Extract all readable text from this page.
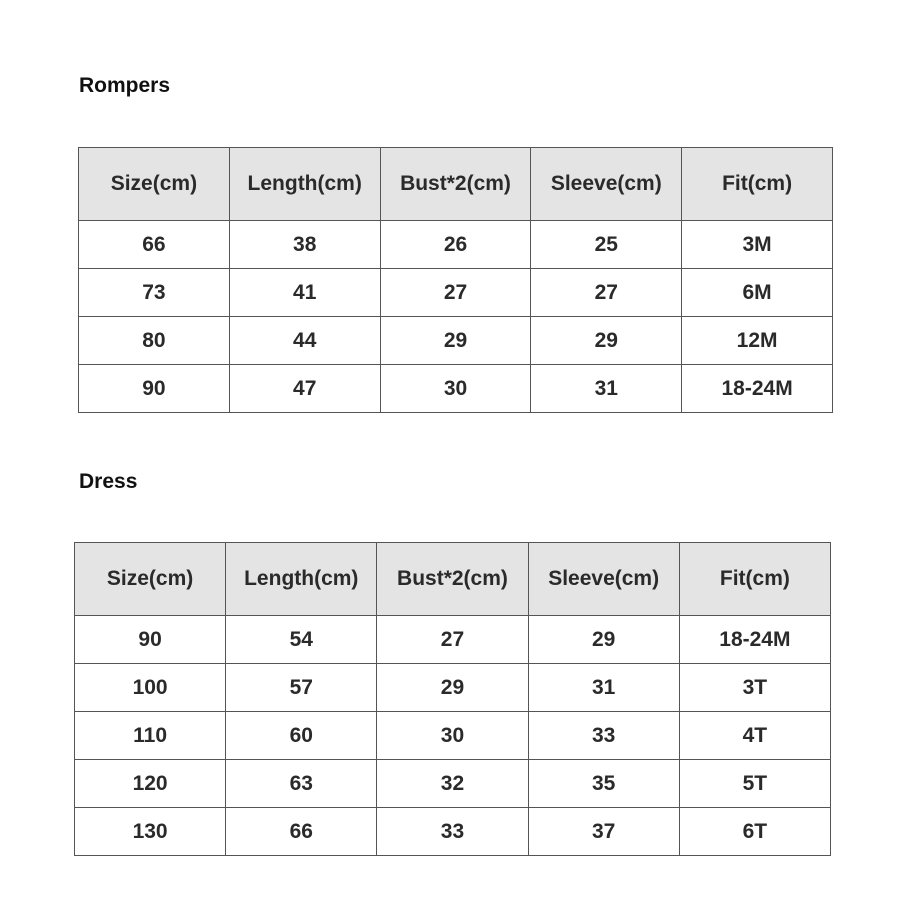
Rompers
Size(cm)	Length(cm)	Bust*2(cm)	Sleeve(cm)	Fit(cm)
66	38	26	25	3M
73	41	27	27	6M
80	44	29	29	12M
90	47	30	31	18-24M
Dress
Size(cm)	Length(cm)	Bust*2(cm)	Sleeve(cm)	Fit(cm)
90	54	27	29	18-24M
100	57	29	31	3T
110	60	30	33	4T
120	63	32	35	5T
130	66	33	37	6T
